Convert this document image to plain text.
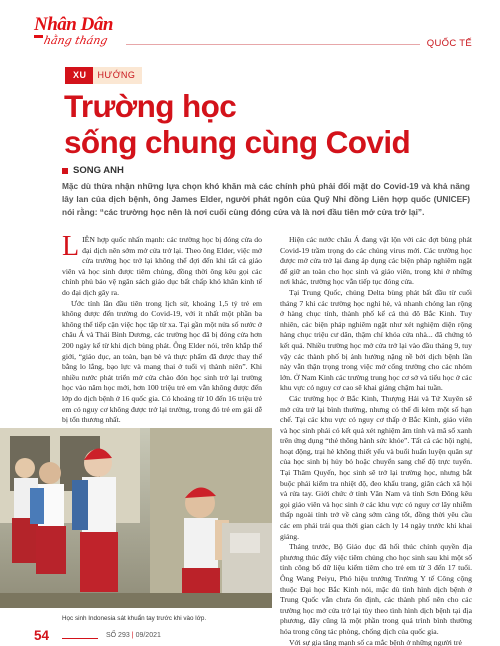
Nhân Dân
hằng tháng	QUỐC TẾ
XU	HƯỚNG
Trường học
sống chung cùng Covid
SONG ANH
Mặc dù thừa nhận những lựa chọn khó khăn mà các chính phủ phải đối mặt do Covid-19 và khả năng lây lan của dịch bệnh, ông James Elder, người phát ngôn của Quỹ Nhi đồng Liên hợp quốc (UNICEF) nói rằng: “các trường học nên là nơi cuối cùng đóng cửa và là nơi đầu tiên mở cửa trở lại”.

LIÊN hợp quốc nhấn mạnh: các trường học bị đóng cửa do đại dịch nên sớm mở cửa trở lại. Theo ông Elder, việc mở cửa trường học trở lại không thể đợi đến khi tất cả giáo viên và học sinh được tiêm chủng, đồng thời ông kêu gọi các chính phủ bảo vệ ngân sách giáo dục bất chấp khó khăn kinh tế do đại dịch gây ra.

Ước tính lần đầu tiên trong lịch sử, khoảng 1,5 tỷ trẻ em không được đến trường do Covid-19, với ít nhất một phần ba không thể tiếp cận việc học tập từ xa. Tại gần một nửa số nước ở châu Á và Thái Bình Dương, các trường học đã bị đóng cửa hơn 200 ngày kể từ khi dịch bùng phát. Ông Elder nói, trên khắp thế giới, “giáo dục, an toàn, bạn bè và thực phẩm đã được thay thế bằng lo lắng, bạo lực và mang thai ở tuổi vị thành niên”. Khi nhiều nước phát triển mở cửa chào đón học sinh trở lại trường học vào năm học mới, hơn 100 triệu trẻ em vẫn không được đến lớp do dịch bệnh ở 16 quốc gia. Có khoảng từ 10 đến 16 triệu trẻ em có nguy cơ không được trở lại trường, trong đó trẻ em gái dễ bị tổn thương nhất.

Hiện các nước châu Á đang vật lộn với các đợt bùng phát Covid-19 trầm trọng do các chủng virus mới. Các trường học được mở cửa trở lại đang áp dụng các biện pháp nghiêm ngặt để giữ an toàn cho học sinh và giáo viên, trong khi ở những nơi khác, trường học vẫn tiếp tục đóng cửa.

Tại Trung Quốc, chủng Delta bùng phát bất đầu từ cuối tháng 7 khi các trường học nghỉ hè, và nhanh chóng lan rộng ở hàng chục tỉnh, thành phố kể cả thủ đô Bắc Kinh. Tuy nhiên, các biện pháp nghiêm ngặt như xét nghiệm diện rộng hàng chục triệu cư dân, thậm chí khóa cửa nhà... đã chứng tỏ kết quả. Nhiều trường học mở cửa trở lại vào đầu tháng 9, tuy vậy các thành phố bị ảnh hưởng nặng nề bởi dịch bệnh lần này vẫn thận trọng trong việc mở cổng trường cho các nhóm lớn. Ở Nam Kinh các trường trung học cơ sở và tiểu học ở các khu vực có nguy cơ cao sẽ khai giảng chậm hai tuần.

Các trường học ở Bắc Kinh, Thượng Hải và Tứ Xuyên sẽ mở cửa trở lại bình thường, nhưng có thể đi kèm một số hạn chế. Tại các khu vực có nguy cơ thấp ở Bắc Kinh, giáo viên và học sinh phải có kết quả xét nghiệm âm tính và mã sổ xanh trên ứng dụng “thẻ thông hành sức khỏe”. Tất cả các hội nghị, hoạt động, trại hè không thiết yếu và buổi huấn luyện quân sự của học sinh bị hủy bỏ hoặc chuyển sang chế độ trực tuyến. Tại Thâm Quyến, học sinh sẽ trở lại trường học, nhưng bắt buộc phải kiểm tra nhiệt độ, đeo khẩu trang, giãn cách xã hội và rửa tay. Giới chức ở tỉnh Vân Nam và tỉnh Sơn Đông kêu gọi giáo viên và học sinh ở các khu vực có nguy cơ lây nhiễm thấp ngoài tỉnh trở về càng sớm càng tốt, đồng thời yêu cầu các em phải trải qua thời gian cách ly 14 ngày trước khi khai giảng.

Tháng trước, Bộ Giáo dục đã hối thúc chính quyền địa phương thúc đẩy việc tiêm chủng cho học sinh sau khi một số tỉnh công bố dữ liệu kiểm tiêm cho trẻ em từ 3 đến 17 tuổi. Ông Wang Peiyu, Phó hiệu trưởng Trường Y tế Công cộng thuộc Đại học Bắc Kinh nói, mặc dù tình hình dịch bệnh ở Trung Quốc vẫn chưa ổn định, các thành phố nên cho các trường học mở cửa trở lại tùy theo tình hình dịch bệnh tại địa phương, đây cũng là một phần trong quá trình bình thường hóa trong công tác phòng, chống dịch của quốc gia.

Với sự gia tăng mạnh số ca mắc bệnh ở những người trẻ

Học sinh Indonesia sát khuẩn tay trước khi vào lớp.
54	SỐ 293 | 09/2021
